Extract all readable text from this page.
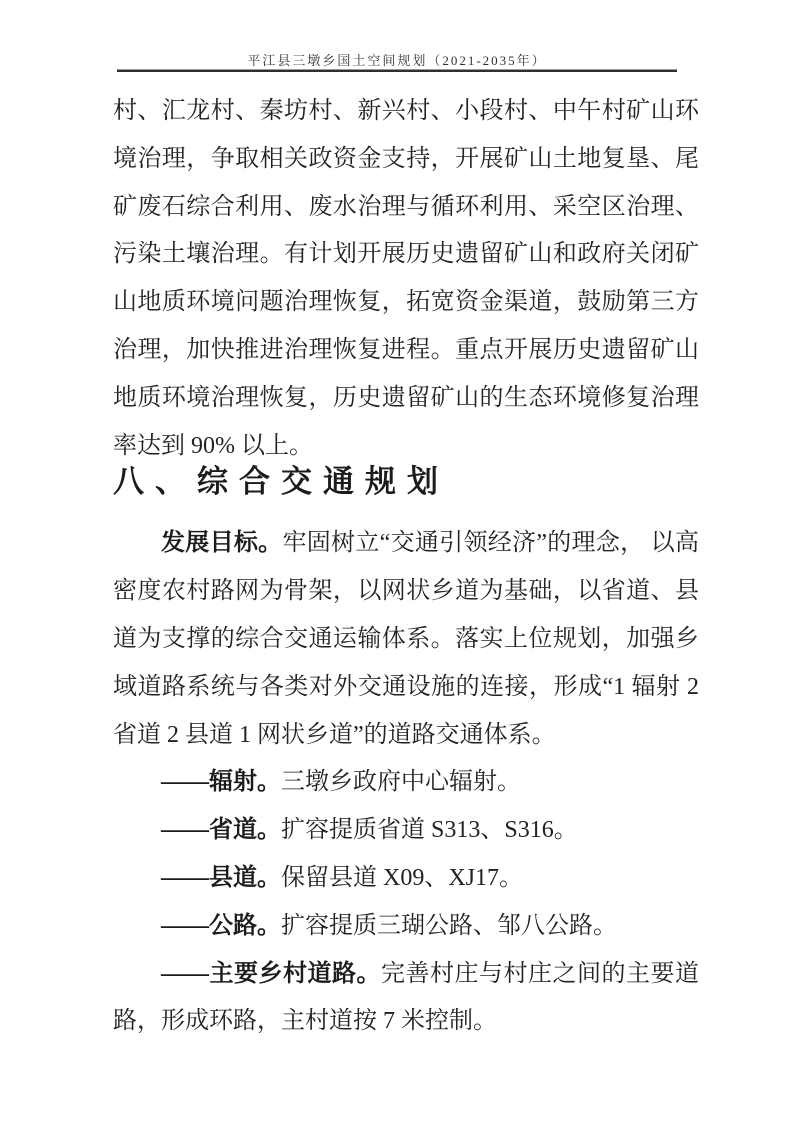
平江县三墩乡国土空间规划（2021-2035年）

村、汇龙村、秦坊村、新兴村、小段村、中午村矿山环境治理，争取相关政资金支持，开展矿山土地复垦、尾矿废石综合利用、废水治理与循环利用、采空区治理、污染土壤治理。有计划开展历史遗留矿山和政府关闭矿山地质环境问题治理恢复，拓宽资金渠道，鼓励第三方治理，加快推进治理恢复进程。重点开展历史遗留矿山地质环境治理恢复，历史遗留矿山的生态环境修复治理率达到 90% 以上。

八、综合交通规划

发展目标。牢固树立“交通引领经济”的理念， 以高密度农村路网为骨架，以网状乡道为基础，以省道、县道为支撑的综合交通运输体系。落实上位规划，加强乡域道路系统与各类对外交通设施的连接，形成“1 辐射 2 省道 2 县道 1 网状乡道”的道路交通体系。

——辐射。三墩乡政府中心辐射。

——省道。扩容提质省道 S313、S316。

——县道。保留县道 X09、XJ17。

——公路。扩容提质三瑚公路、邹八公路。

——主要乡村道路。完善村庄与村庄之间的主要道路，形成环路，主村道按 7 米控制。
